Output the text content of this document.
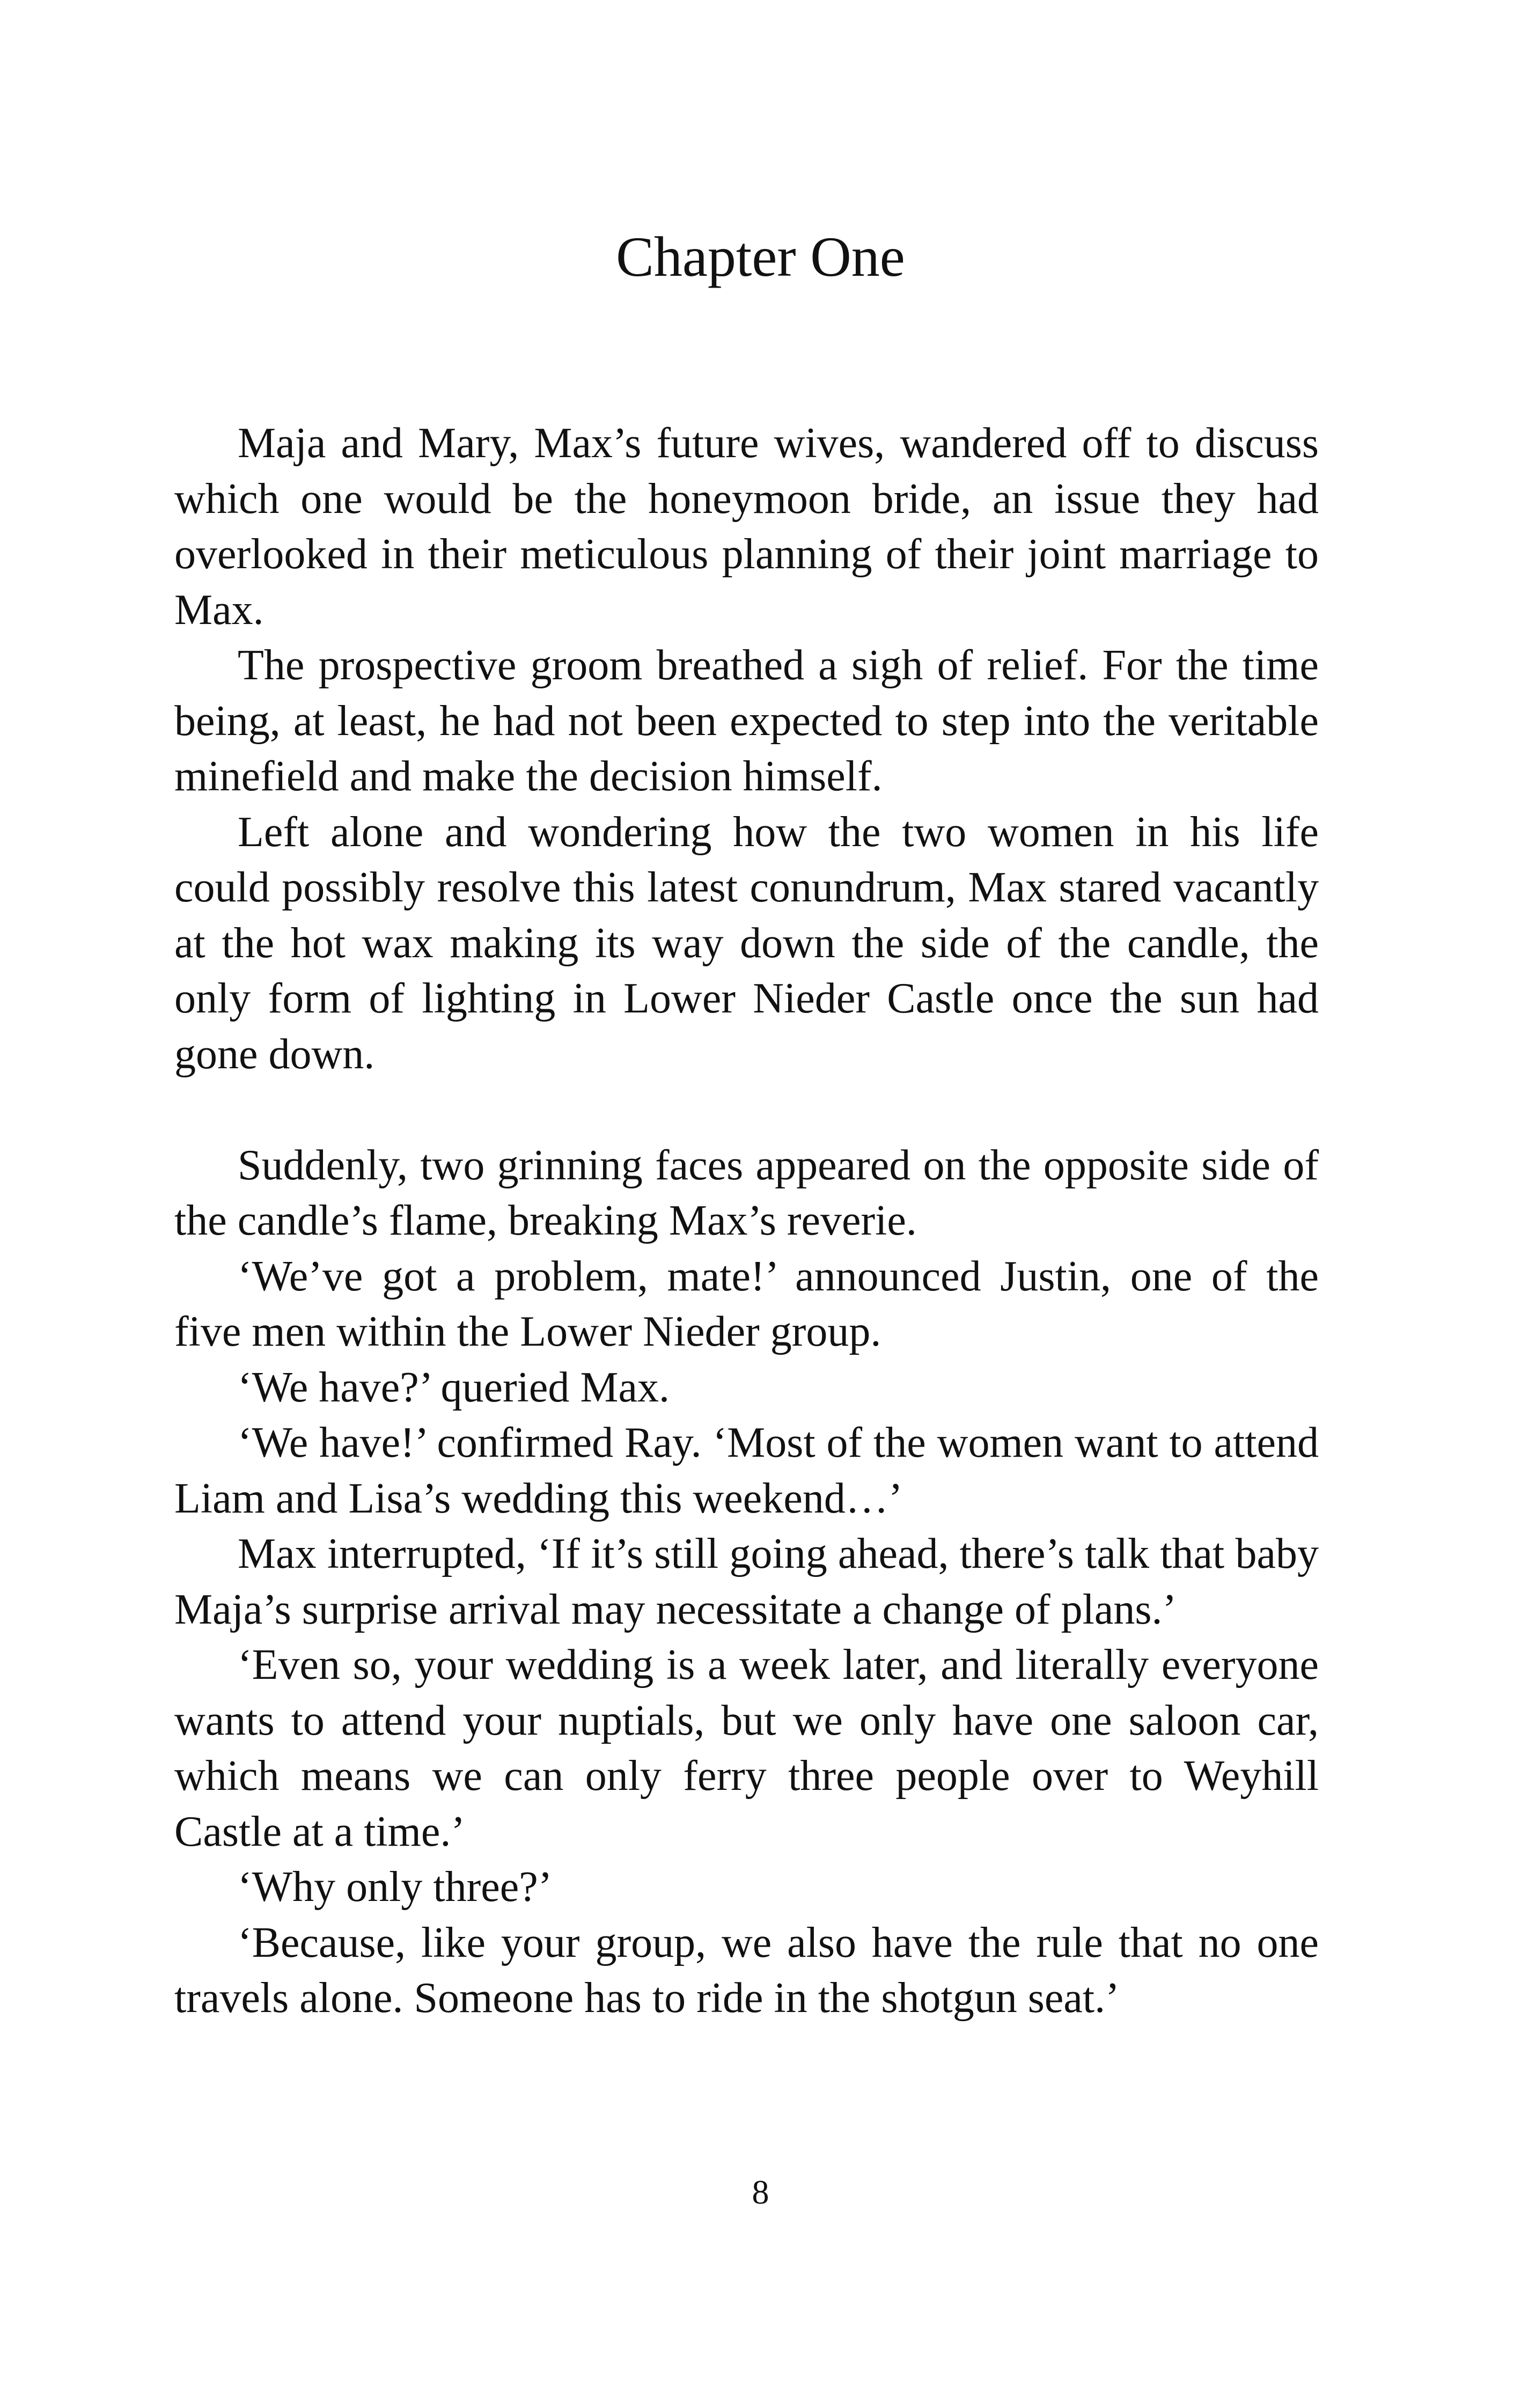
Chapter One

Maja and Mary, Max’s future wives, wandered off to discuss which one would be the honeymoon bride, an issue they had overlooked in their meticulous planning of their joint marriage to Max.

The prospective groom breathed a sigh of relief. For the time being, at least, he had not been expected to step into the veritable minefield and make the decision himself.

Left alone and wondering how the two women in his life could possibly resolve this latest conundrum, Max stared vacantly at the hot wax making its way down the side of the candle, the only form of lighting in Lower Nieder Castle once the sun had gone down.

Suddenly, two grinning faces appeared on the opposite side of the candle’s flame, breaking Max’s reverie.

‘We’ve got a problem, mate!’ announced Justin, one of the five men within the Lower Nieder group.

‘We have?’ queried Max.

‘We have!’ confirmed Ray. ‘Most of the women want to attend Liam and Lisa’s wedding this weekend…’

Max interrupted, ‘If it’s still going ahead, there’s talk that baby Maja’s surprise arrival may necessitate a change of plans.’

‘Even so, your wedding is a week later, and literally everyone wants to attend your nuptials, but we only have one saloon car, which means we can only ferry three people over to Weyhill Castle at a time.’

‘Why only three?’

‘Because, like your group, we also have the rule that no one travels alone. Someone has to ride in the shotgun seat.’

8
